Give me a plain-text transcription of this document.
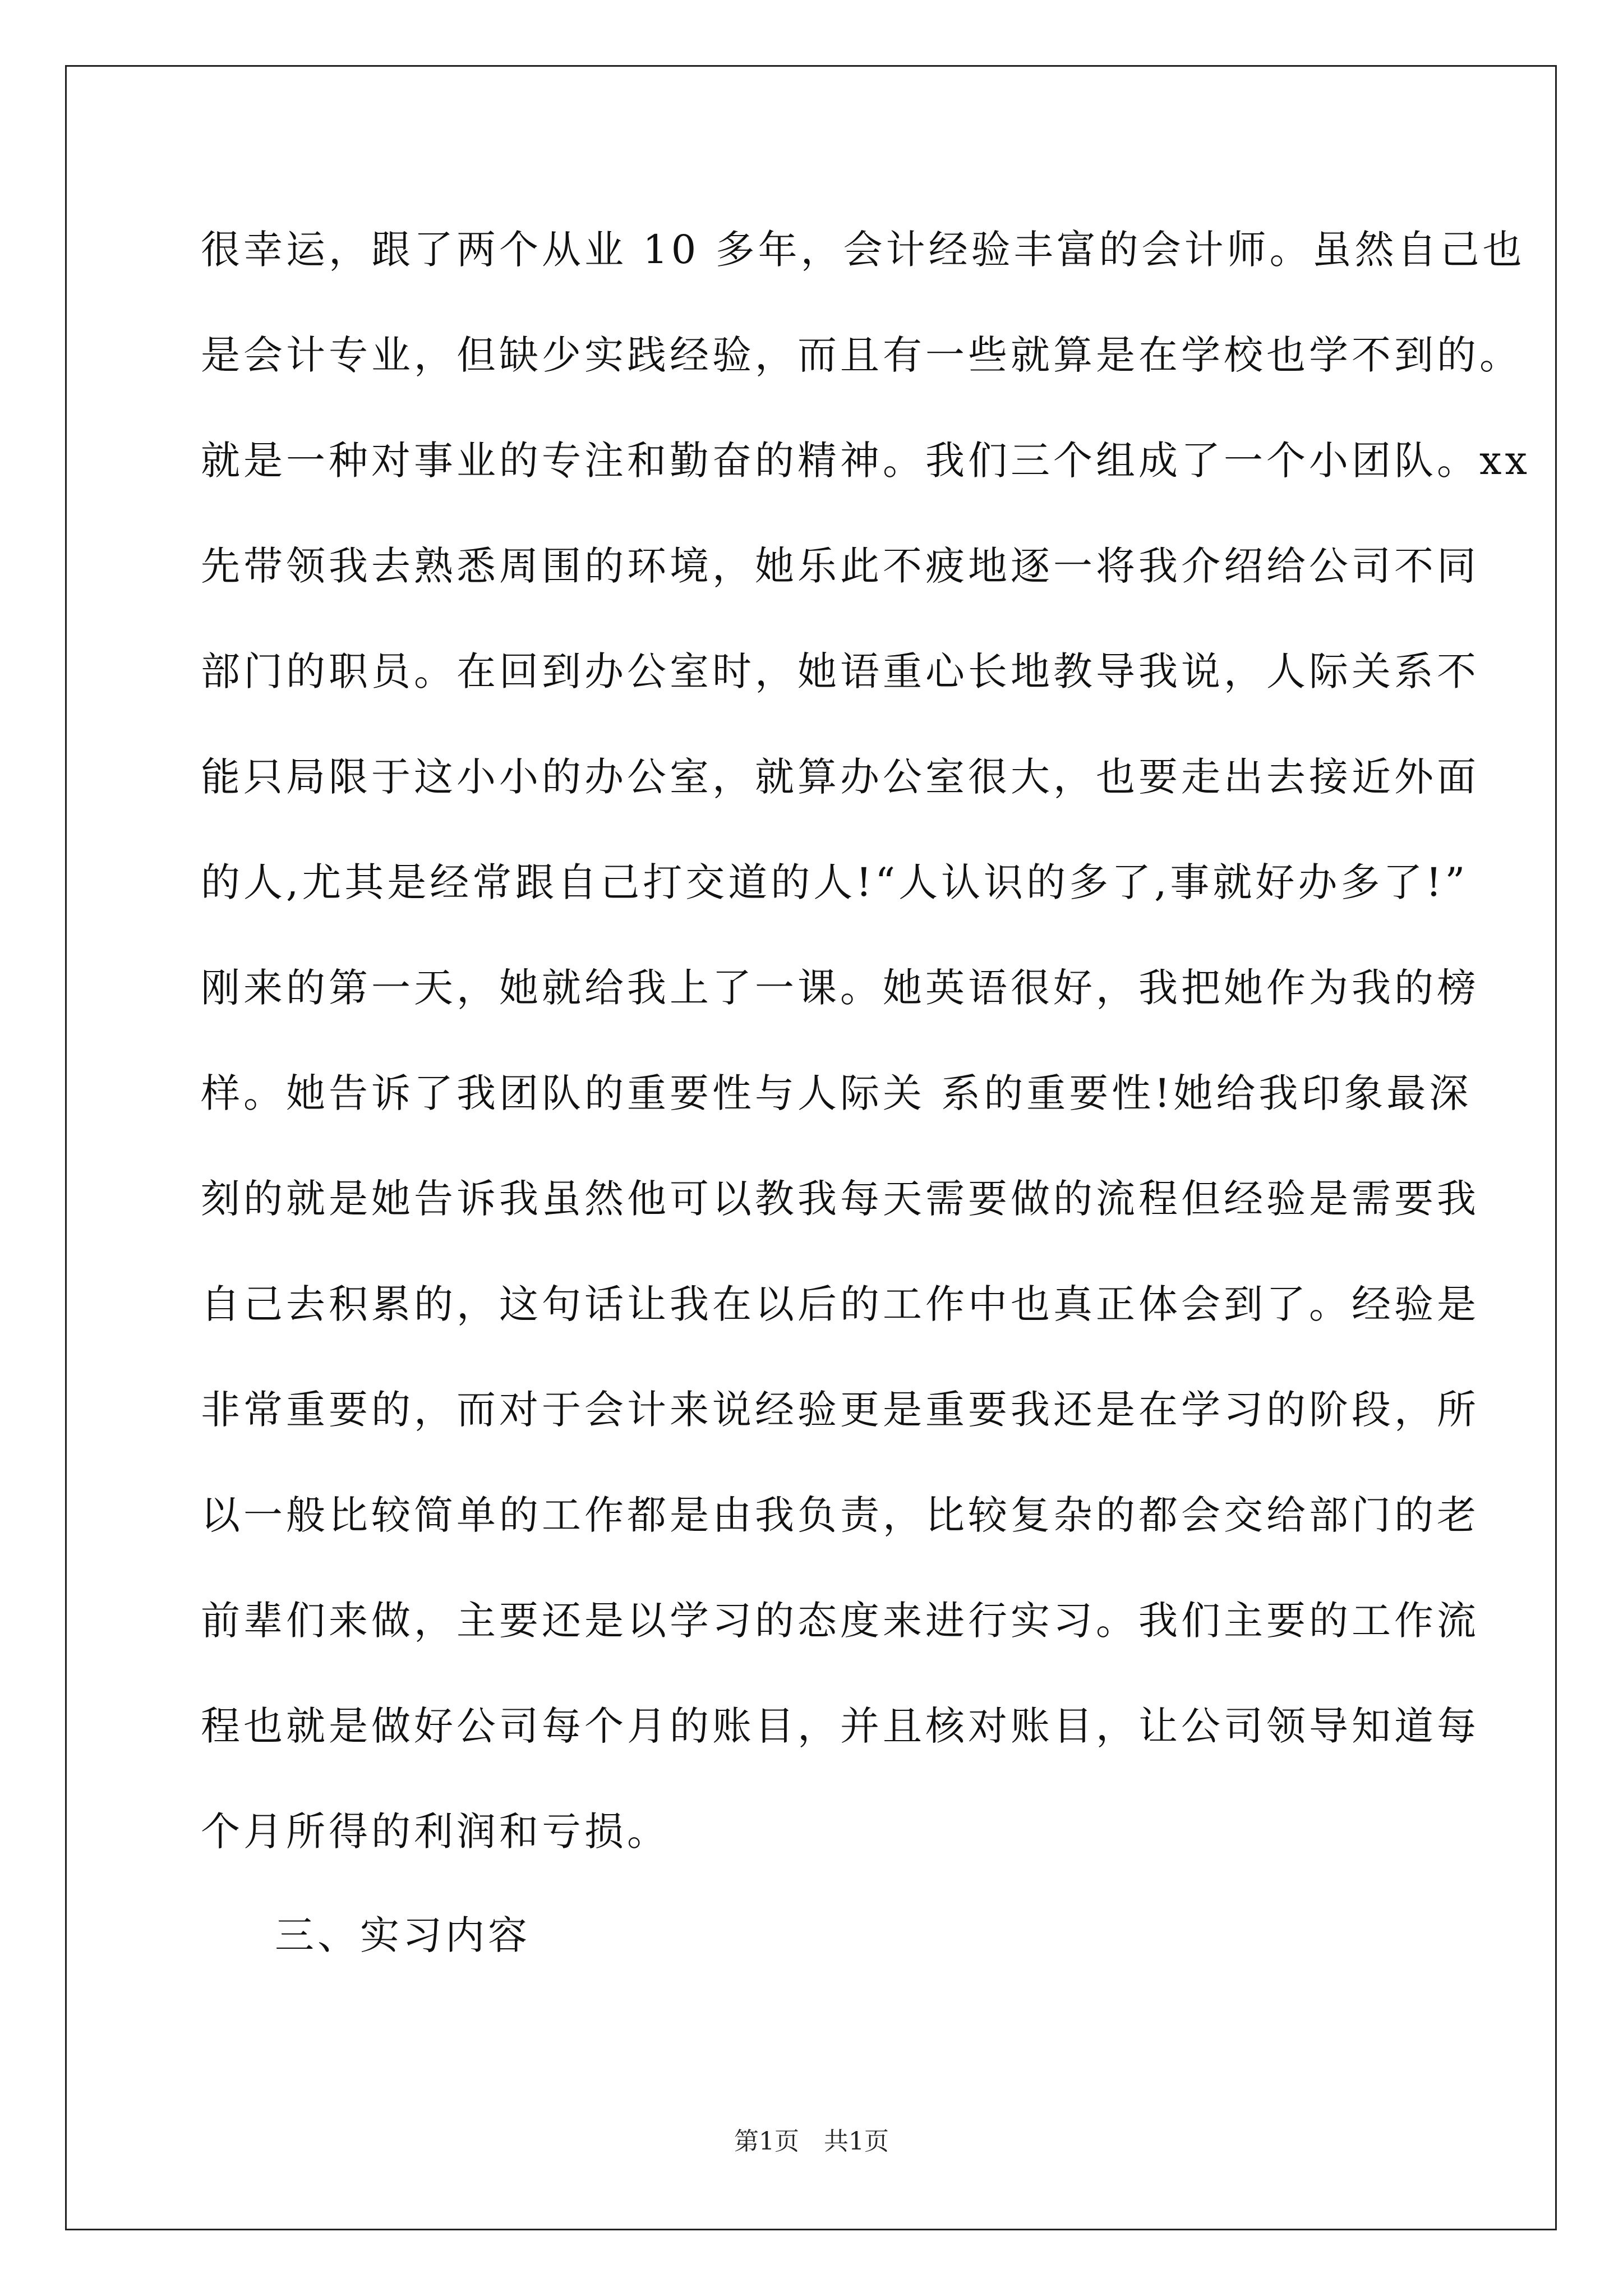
很幸运，跟了两个从业 10 多年，会计经验丰富的会计师。虽然自己也
是会计专业，但缺少实践经验，而且有一些就算是在学校也学不到的。
就是一种对事业的专注和勤奋的精神。我们三个组成了一个小团队。xx
先带领我去熟悉周围的环境，她乐此不疲地逐一将我介绍给公司不同
部门的职员。在回到办公室时，她语重心长地教导我说，人际关系不
能只局限于这小小的办公室，就算办公室很大，也要走出去接近外面
的人,尤其是经常跟自己打交道的人!“人认识的多了,事就好办多了!”
刚来的第一天，她就给我上了一课。她英语很好，我把她作为我的榜
样。她告诉了我团队的重要性与人际关 系的重要性!她给我印象最深
刻的就是她告诉我虽然他可以教我每天需要做的流程但经验是需要我
自己去积累的，这句话让我在以后的工作中也真正体会到了。经验是
非常重要的，而对于会计来说经验更是重要我还是在学习的阶段，所
以一般比较简单的工作都是由我负责，比较复杂的都会交给部门的老
前辈们来做，主要还是以学习的态度来进行实习。我们主要的工作流
程也就是做好公司每个月的账目，并且核对账目，让公司领导知道每
个月所得的利润和亏损。
三、实习内容
第1页　共1页
